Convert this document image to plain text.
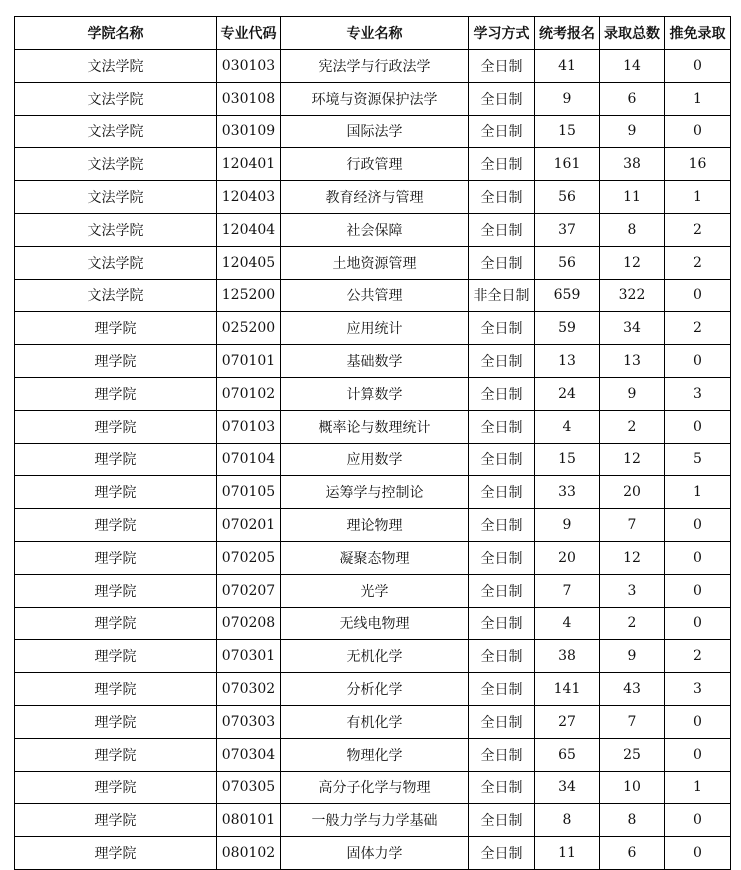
学院名称	专业代码	专业名称	学习方式	统考报名	录取总数	推免录取
文法学院	030103	宪法学与行政法学	全日制	41	14	0
文法学院	030108	环境与资源保护法学	全日制	9	6	1
文法学院	030109	国际法学	全日制	15	9	0
文法学院	120401	行政管理	全日制	161	38	16
文法学院	120403	教育经济与管理	全日制	56	11	1
文法学院	120404	社会保障	全日制	37	8	2
文法学院	120405	土地资源管理	全日制	56	12	2
文法学院	125200	公共管理	非全日制	659	322	0
理学院	025200	应用统计	全日制	59	34	2
理学院	070101	基础数学	全日制	13	13	0
理学院	070102	计算数学	全日制	24	9	3
理学院	070103	概率论与数理统计	全日制	4	2	0
理学院	070104	应用数学	全日制	15	12	5
理学院	070105	运筹学与控制论	全日制	33	20	1
理学院	070201	理论物理	全日制	9	7	0
理学院	070205	凝聚态物理	全日制	20	12	0
理学院	070207	光学	全日制	7	3	0
理学院	070208	无线电物理	全日制	4	2	0
理学院	070301	无机化学	全日制	38	9	2
理学院	070302	分析化学	全日制	141	43	3
理学院	070303	有机化学	全日制	27	7	0
理学院	070304	物理化学	全日制	65	25	0
理学院	070305	高分子化学与物理	全日制	34	10	1
理学院	080101	一般力学与力学基础	全日制	8	8	0
理学院	080102	固体力学	全日制	11	6	0
